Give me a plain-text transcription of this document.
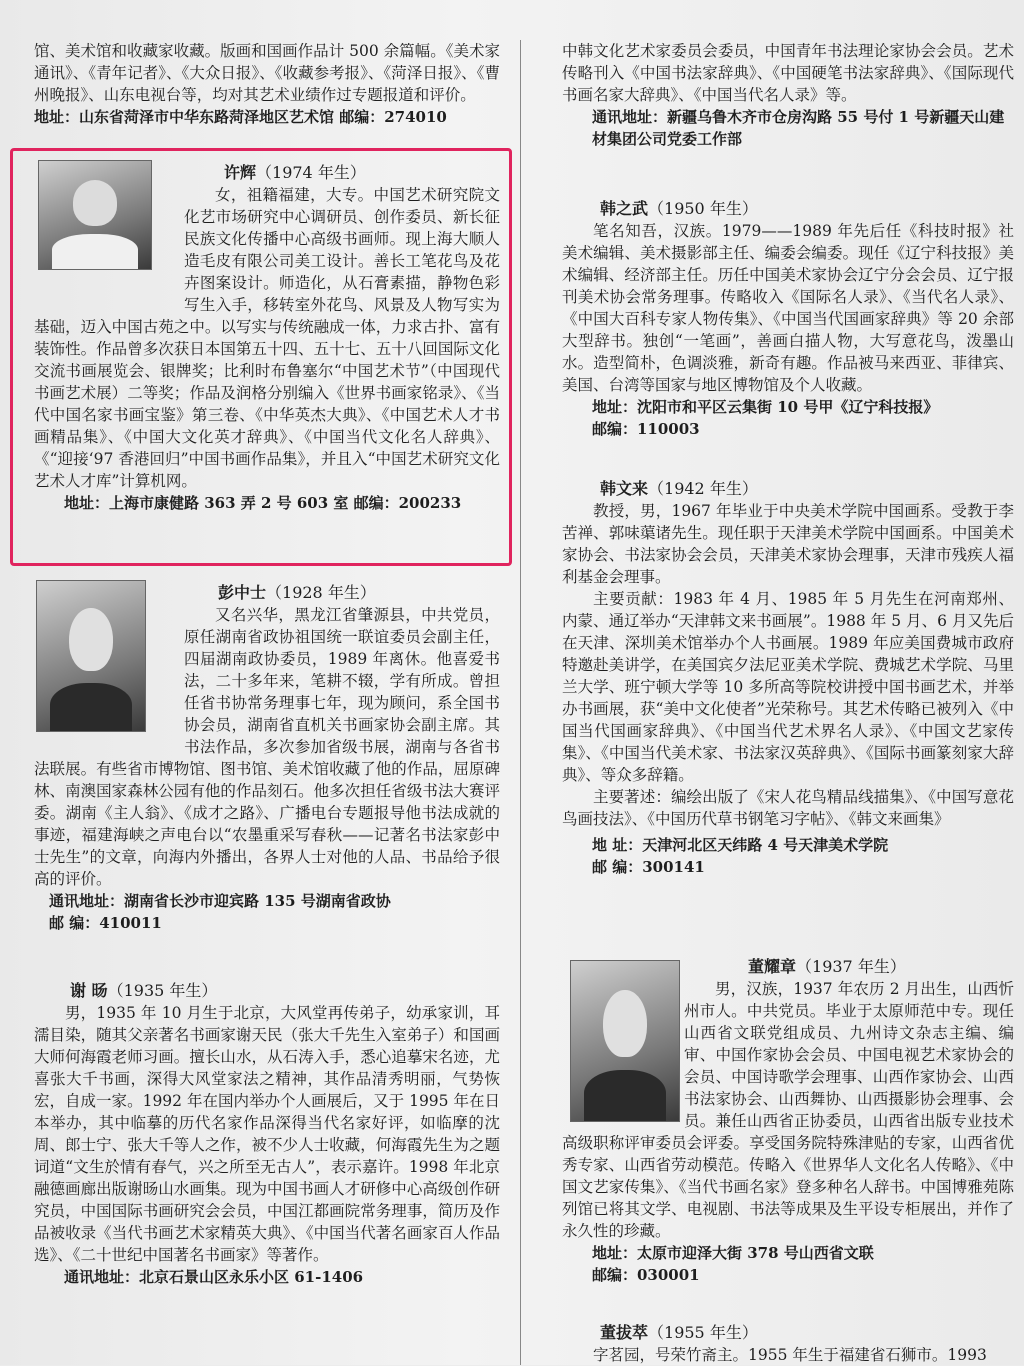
馆、美术馆和收藏家收藏。版画和国画作品计 500 余篇幅。《美术家通讯》、《青年记者》、《大众日报》、《收藏参考报》、《菏泽日报》、《曹州晚报》、山东电视台等，均对其艺术业绩作过专题报道和评价。

地址：山东省菏泽市中华东路菏泽地区艺术馆 邮编：274010

许辉（1974 年生）

女，祖籍福建，大专。中国艺术研究院文化艺市场研究中心调研员、创作委员、新长征民族文化传播中心高级书画师。现上海大顺人造毛皮有限公司美工设计。善长工笔花鸟及花卉图案设计。师造化，从石膏素描，静物色彩写生入手，移转室外花鸟、风景及人物写实为基础，迈入中国古苑之中。以写实与传统融成一体，力求古扑、富有装饰性。作品曾多次获日本国第五十四、五十七、五十八回国际文化交流书画展览会、银牌奖；比利时布鲁塞尔“中国艺术节”（中国现代书画艺术展）二等奖；作品及润格分别编入《世界书画家铭录》、《当代中国名家书画宝鉴》第三卷、《中华英杰大典》、《中国艺术人才书画精品集》、《中国大文化英才辞典》、《中国当代文化名人辞典》、《“迎接‘97 香港回归”中国书画作品集》，并且入“中国艺术研究文化艺术人才库”计算机网。

地址：上海市康健路 363 弄 2 号 603 室 邮编：200233

彭中士（1928 年生）

又名兴华，黑龙江省肇源县，中共党员，原任湖南省政协祖国统一联谊委员会副主任，四届湖南政协委员，1989 年离休。他喜爱书法，二十多年来，笔耕不辍，学有所成。曾担任省书协常务理事七年，现为顾问，系全国书协会员，湖南省直机关书画家协会副主席。其书法作品，多次参加省级书展，湖南与各省书法联展。有些省市博物馆、图书馆、美术馆收藏了他的作品，屈原碑林、南澳国家森林公园有他的作品刻石。他多次担任省级书法大赛评委。湖南《主人翁》、《成才之路》、广播电台专题报导他书法成就的事迹，福建海峡之声电台以“农墨重采写春秋——记著名书法家彭中士先生”的文章，向海内外播出，各界人士对他的人品、书品给予很高的评价。

通讯地址：湖南省长沙市迎宾路 135 号湖南省政协

邮 编：410011

谢 旸（1935 年生）

男，1935 年 10 月生于北京，大风堂再传弟子，幼承家训，耳濡目染，随其父亲著名书画家谢天民（张大千先生入室弟子）和国画大师何海霞老师习画。擅长山水，从石涛入手，悉心追摹宋名迹，尤喜张大千书画，深得大风堂家法之精神，其作品清秀明丽，气势恢宏，自成一家。1992 年在国内举办个人画展后，又于 1995 年在日本举办，其中临摹的历代名家作品深得当代名家好评，如临摩的沈周、郎士宁、张大千等人之作，被不少人士收藏，何海霞先生为之题词道“文生於情有春气，兴之所至无古人”，表示嘉许。1998 年北京融德画廊出版谢旸山水画集。现为中国书画人才研修中心高级创作研究员，中国国际书画研究会会员，中国江都画院常务理事，简历及作品被收录《当代书画艺术家精英大典》、《中国当代著名画家百人作品选》、《二十世纪中国著名书画家》等著作。

通讯地址：北京石景山区永乐小区 61-1406

中韩文化艺术家委员会委员，中国青年书法理论家协会会员。艺术传略刊入《中国书法家辞典》、《中国硬笔书法家辞典》、《国际现代书画名家大辞典》、《中国当代名人录》等。

通讯地址：新疆乌鲁木齐市仓房沟路 55 号付 1 号新疆天山建材集团公司党委工作部

韩之武（1950 年生）

笔名知吾，汉族。1979——1989 年先后任《科技时报》社美术编辑、美术摄影部主任、编委会编委。现任《辽宁科技报》美术编辑、经济部主任。历任中国美术家协会辽宁分会会员、辽宁报刊美术协会常务理事。传略收入《国际名人录》、《当代名人录》、《中国大百科专家人物传集》、《中国当代国画家辞典》等 20 余部大型辞书。独创“一笔画”，善画白描人物，大写意花鸟，泼墨山水。造型简朴，色调淡雅，新奇有趣。作品被马来西亚、菲律宾、美国、台湾等国家与地区博物馆及个人收藏。

地址：沈阳市和平区云集街 10 号甲《辽宁科技报》

邮编：110003

韩文来（1942 年生）

教授，男，1967 年毕业于中央美术学院中国画系。受教于李苦禅、郭味蕖诸先生。现任职于天津美术学院中国画系。中国美术家协会、书法家协会会员，天津美术家协会理事，天津市残疾人福利基金会理事。

主要贡献：1983 年 4 月、1985 年 5 月先生在河南郑州、内蒙、通辽举办“天津韩文来书画展”。1988 年 5 月、6 月又先后在天津、深圳美术馆举办个人书画展。1989 年应美国费城市政府特邀赴美讲学，在美国宾夕法尼亚美术学院、费城艺术学院、马里兰大学、班宁顿大学等 10 多所高等院校讲授中国书画艺术，并举办书画展，获“美中文化使者”光荣称号。其艺术传略已被列入《中国当代国画家辞典》、《中国当代艺术界名人录》、《中国文艺家传集》、《中国当代美术家、书法家汉英辞典》、《国际书画篆刻家大辞典》、等众多辞籍。

主要著述：编绘出版了《宋人花鸟精品线描集》、《中国写意花鸟画技法》、《中国历代草书钢笔习字帖》、《韩文来画集》

地 址：天津河北区天纬路 4 号天津美术学院

邮 编：300141

董耀章（1937 年生）

男，汉族，1937 年农历 2 月出生，山西忻州市人。中共党员。毕业于太原师范中专。现任山西省文联党组成员、九州诗文杂志主编、编审、中国作家协会会员、中国电视艺术家协会的会员、中国诗歌学会理事、山西作家协会、山西书法家协会、山西舞协、山西摄影协会理事、会员。兼任山西省正协委员，山西省出版专业技术高级职称评审委员会评委。享受国务院特殊津贴的专家，山西省优秀专家、山西省劳动模范。传略入《世界华人文化名人传略》、《中国文艺家传集》、《当代书画名家》登多种名人辞书。中国博雅苑陈列馆已将其文学、电视剧、书法等成果及生平设专柜展出，并作了永久性的珍藏。

地址：太原市迎泽大街 378 号山西省文联

邮编：030001

董拔萃（1955 年生）

字茗园，号荣竹斋主。1955 年生于福建省石狮市。1993
